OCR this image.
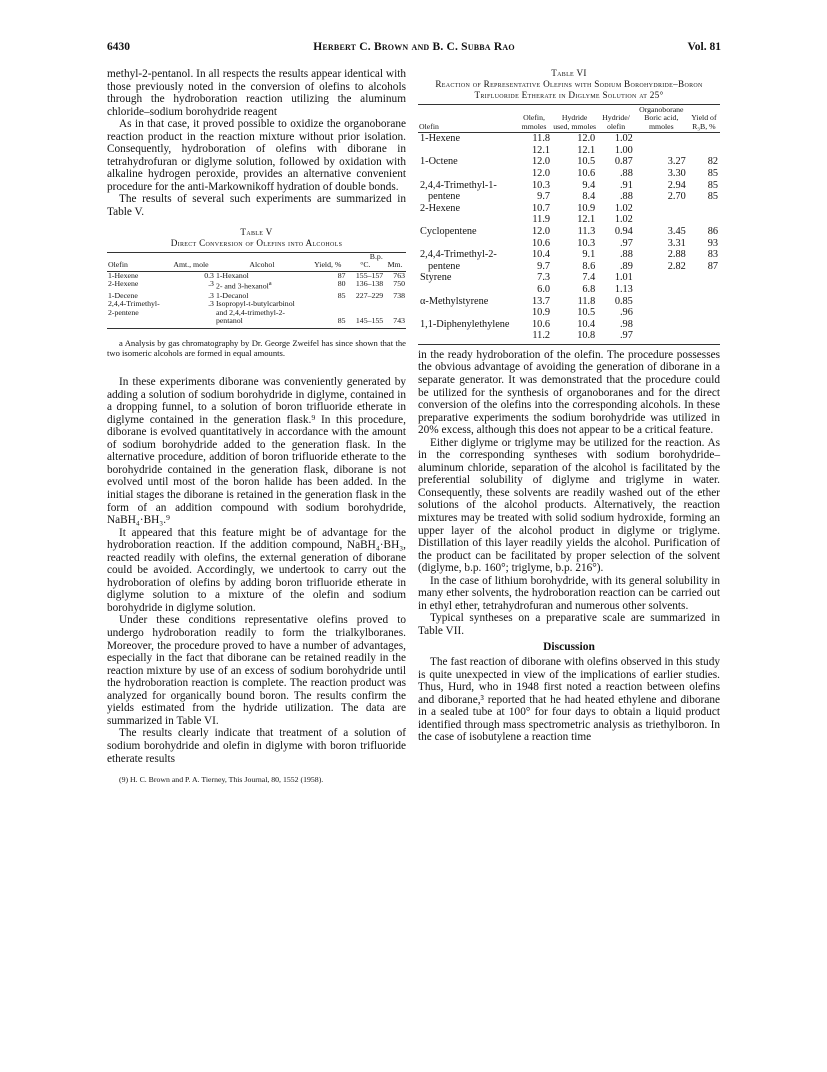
6430	Herbert C. Brown and B. C. Subba Rao	Vol. 81

methyl-2-pentanol. In all respects the results appear identical with those previously noted in the conversion of olefins to alcohols through the hydroboration reaction utilizing the aluminum chloride–sodium borohydride reagent

As in that case, it proved possible to oxidize the organoborane reaction product in the reaction mixture without prior isolation. Consequently, hydroboration of olefins with diborane in tetrahydrofuran or diglyme solution, followed by oxidation with alkaline hydrogen peroxide, provides an alternative convenient procedure for the anti-Markownikoff hydration of double bonds.

The results of several such experiments are summarized in Table V.

Table V
Direct Conversion of Olefins into Alcohols
Olefin	Amt., mole	Alcohol	Yield, %	B.p.	
				°C.	Mm.
1-Hexene	0.3	1-Hexanol	87	155–157	763
2-Hexene	.3	2- and 3-hexanol$^a$	80	136–138	750
1-Decene	.3	1-Decanol	85	227–229	738
2,4,4-Trimethyl-2-pentene	.3	Isopropyl-t-butylcarbinol and 2,4,4-trimethyl-2-pentanol	85	145–155	743

a Analysis by gas chromatography by Dr. George Zweifel has since shown that the two isomeric alcohols are formed in equal amounts.

In these experiments diborane was conveniently generated by adding a solution of sodium borohydride in diglyme, contained in a dropping funnel, to a solution of boron trifluoride etherate in diglyme contained in the generation flask.⁹ In this procedure, diborane is evolved quantitatively in accordance with the amount of sodium borohydride added to the generation flask. In the alternative procedure, addition of boron trifluoride etherate to the borohydride contained in the generation flask, diborane is not evolved until most of the boron halide has been added. In the initial stages the diborane is retained in the generation flask in the form of an addition compound with sodium borohydride, NaBH₄·BH₃.⁹

It appeared that this feature might be of advantage for the hydroboration reaction. If the addition compound, NaBH₄·BH₃, reacted readily with olefins, the external generation of diborane could be avoided. Accordingly, we undertook to carry out the hydroboration of olefins by adding boron trifluoride etherate in diglyme solution to a mixture of the olefin and sodium borohydride in diglyme solution.

Under these conditions representative olefins proved to undergo hydroboration readily to form the trialkylboranes. Moreover, the procedure proved to have a number of advantages, especially in the fact that diborane can be retained readily in the reaction mixture by use of an excess of sodium borohydride until the hydroboration reaction is complete. The reaction product was analyzed for organically bound boron. The results confirm the yields estimated from the hydride utilization. The data are summarized in Table VI.

The results clearly indicate that treatment of a solution of sodium borohydride and olefin in diglyme with boron trifluoride etherate results

(9) H. C. Brown and P. A. Tierney, This Journal, 80, 1552 (1958).

Table VI
Reaction of Representative Olefins with Sodium Borohydride–Boron Trifluoride Etherate in Diglyme Solution at 25°
Olefin	Olefin, mmoles	Hydride used, mmoles	Hydride/ olefin	Organoborane
Boric acid, mmoles	Yield of R₃B, %
1-Hexene	11.8	12.0	1.02		
	12.1	12.1	1.00		
1-Octene	12.0	10.5	0.87	3.27	82
	12.0	10.6	.88	3.30	85
2,4,4-Trimethyl-1-	10.3	9.4	.91	2.94	85
pentene	9.7	8.4	.88	2.70	85
2-Hexene	10.7	10.9	1.02		
	11.9	12.1	1.02		
Cyclopentene	12.0	11.3	0.94	3.45	86
	10.6	10.3	.97	3.31	93
2,4,4-Trimethyl-2-	10.4	9.1	.88	2.88	83
pentene	9.7	8.6	.89	2.82	87
Styrene	7.3	7.4	1.01		
	6.0	6.8	1.13		
α-Methylstyrene	13.7	11.8	0.85		
	10.9	10.5	.96		
1,1-Diphenylethylene	10.6	10.4	.98		
	11.2	10.8	.97		

in the ready hydroboration of the olefin. The procedure possesses the obvious advantage of avoiding the generation of diborane in a separate generator. It was demonstrated that the procedure could be utilized for the synthesis of organoboranes and for the direct conversion of the olefins into the corresponding alcohols. In these preparative experiments the sodium borohydride was utilized in 20% excess, although this does not appear to be a critical feature.

Either diglyme or triglyme may be utilized for the reaction. As in the corresponding syntheses with sodium borohydride–aluminum chloride, separation of the alcohol is facilitated by the preferential solubility of diglyme and triglyme in water. Consequently, these solvents are readily washed out of the ether solutions of the alcohol products. Alternatively, the reaction mixtures may be treated with solid sodium hydroxide, forming an upper layer of the alcohol product in diglyme or triglyme. Distillation of this layer readily yields the alcohol. Purification of the product can be facilitated by proper selection of the solvent (diglyme, b.p. 160°; triglyme, b.p. 216°).

In the case of lithium borohydride, with its general solubility in many ether solvents, the hydroboration reaction can be carried out in ethyl ether, tetrahydrofuran and numerous other solvents.

Typical syntheses on a preparative scale are summarized in Table VII.

Discussion

The fast reaction of diborane with olefins observed in this study is quite unexpected in view of the implications of earlier studies. Thus, Hurd, who in 1948 first noted a reaction between olefins and diborane,³ reported that he had heated ethylene and diborane in a sealed tube at 100° for four days to obtain a liquid product identified through mass spectrometric analysis as triethylboron. In the case of isobutylene a reaction time
